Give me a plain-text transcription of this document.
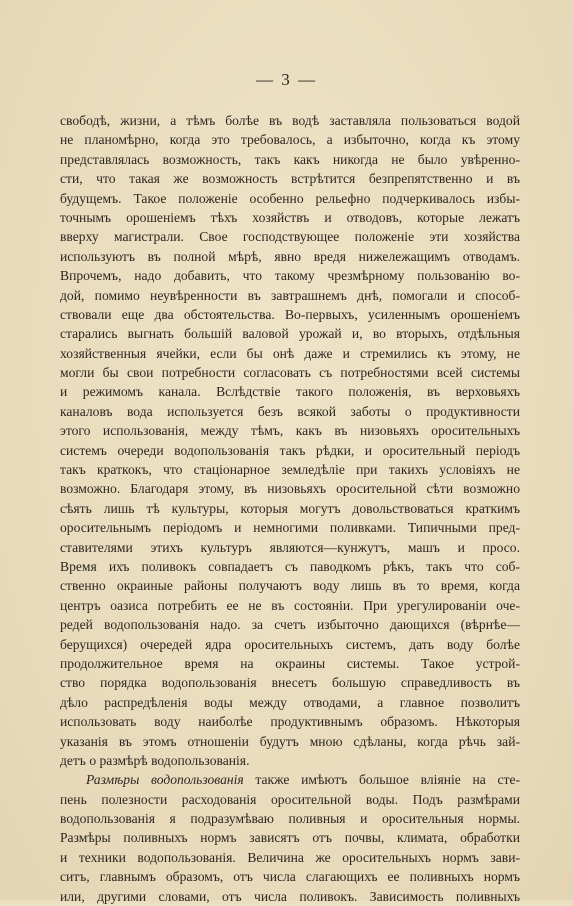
— 3 —
свободѣ, жизни, а тѣмъ болѣе въ водѣ заставляла пользоваться водой
не планомѣрно, когда это требовалось, а избыточно, когда къ этому
представлялась возможность, такъ какъ никогда не было увѣренно-
сти, что такая же возможность встрѣтится безпрепятственно и въ
будущемъ. Такое положеніе особенно рельефно подчеркивалось избы-
точнымъ орошеніемъ тѣхъ хозяйствъ и отводовъ, которые лежатъ
вверху магистрали. Свое господствующее положеніе эти хозяйства
используютъ въ полной мѣрѣ, явно вредя нижележащимъ отводамъ.
Впрочемъ, надо добавить, что такому чрезмѣрному пользованію во-
дой, помимо неувѣренности въ завтрашнемъ днѣ, помогали и способ-
ствовали еще два обстоятельства. Во-первыхъ, усиленнымъ орошеніемъ
старались выгнать большій валовой урожай и, во вторыхъ, отдѣльныя
хозяйственныя ячейки, если бы онѣ даже и стремились къ этому, не
могли бы свои потребности согласовать съ потребностями всей системы
и режимомъ канала. Вслѣдствіе такого положенія, въ верховьяхъ
каналовъ вода используется безъ всякой заботы о продуктивности
этого использованія, между тѣмъ, какъ въ низовьяхъ оросительныхъ
системъ очереди водопользованія такъ рѣдки, и оросительный періодъ
такъ краткокъ, что стаціонарное земледѣліе при такихъ условіяхъ не
возможно. Благодаря этому, въ низовьяхъ оросительной сѣти возможно
сѣять лишь тѣ культуры, которыя могутъ довольствоваться краткимъ
оросительнымъ періодомъ и немногими поливками. Типичными пред-
ставителями этихъ культуръ являются—кунжутъ, машъ и просо.
Время ихъ поливокъ совпадаетъ съ паводкомъ рѣкъ, такъ что соб-
ственно окраиные районы получаютъ воду лишь въ то время, когда
центръ оазиса потребить ее не въ состояніи. При урегулированіи оче-
редей водопользованія надо. за счетъ избыточно дающихся (вѣрнѣе—
берущихся) очередей ядра оросительныхъ системъ, дать воду болѣе
продолжительное время на окраины системы. Такое устрой-
ство порядка водопользованія внесетъ большую справедливость въ
дѣло распредѣленія воды между отводами, а главное позволитъ
использовать воду наиболѣе продуктивнымъ образомъ. Нѣкоторыя
указанія въ этомъ отношеніи будутъ мною сдѣланы, когда рѣчь зай-
детъ о размѣрѣ водопользованія.
Размѣры водопользованія также имѣютъ большое вліяніе на сте-
пень полезности расходованія оросительной воды. Подъ размѣрами
водопользованія я подразумѣваю поливныя и оросительныя нормы.
Размѣры поливныхъ нормъ зависятъ отъ почвы, климата, обработки
и техники водопользованія. Величина же оросительныхъ нормъ зави-
ситъ, главнымъ образомъ, отъ числа слагающихъ ее поливныхъ нормъ
или, другими словами, отъ числа поливокъ. Зависимость поливныхъ
